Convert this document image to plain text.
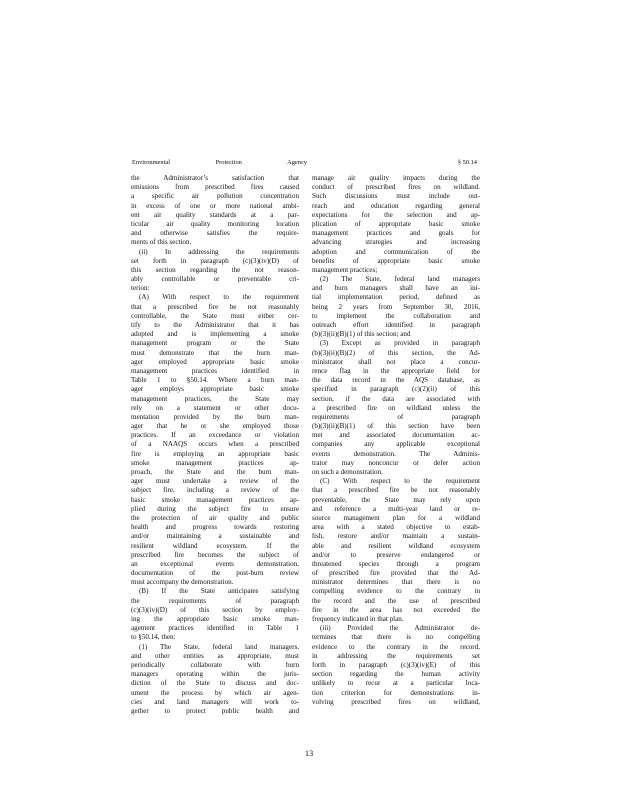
Environmental Protection Agency	§ 50.14

the Administrator’s satisfaction that

emissions from prescribed fires caused

a specific air pollution concentration

in excess of one or more national ambi-

ent air quality standards at a par-

ticular air quality monitoring location

and otherwise satisfies the require-

ments of this section.

(ii) In addressing the requirements

set forth in paragraph (c)(3)(iv)(D) of

this section regarding the not reason-

ably controllable or preventable cri-

terion:

(A) With respect to the requirement

that a prescribed fire be not reasonably

controllable, the State must either cer-

tify to the Administrator that it has

adopted and is implementing a smoke

management program or the State

must demonstrate that the burn man-

ager employed appropriate basic smoke

management practices identified in

Table 1 to §50.14. Where a burn man-

ager employs appropriate basic smoke

management practices, the State may

rely on a statement or other docu-

mentation provided by the burn man-

ager that he or she employed those

practices. If an exceedance or violation

of a NAAQS occurs when a prescribed

fire is employing an appropriate basic

smoke management practices ap-

proach, the State and the burn man-

ager must undertake a review of the

subject fire, including a review of the

basic smoke management practices ap-

plied during the subject fire to ensure

the protection of air quality and public

health and progress towards restoring

and/or maintaining a sustainable and

resilient wildland ecosystem. If the

prescribed fire becomes the subject of

an exceptional events demonstration,

documentation of the post-burn review

must accompany the demonstration.

(B) If the State anticipates satisfying

the requirements of paragraph

(c)(3)(iv)(D) of this section by employ-

ing the appropriate basic smoke man-

agement practices identified in Table 1

to §50.14, then:

(1) The State, federal land managers,

and other entities as appropriate, must

periodically collaborate with burn

managers operating within the juris-

diction of the State to discuss and doc-

ument the process by which air agen-

cies and land managers will work to-

gether to protect public health and

manage air quality impacts during the

conduct of prescribed fires on wildland.

Such discussions must include out-

reach and education regarding general

expectations for the selection and ap-

plication of appropriate basic smoke

management practices and goals for

advancing strategies and increasing

adoption and communication of the

benefits of appropriate basic smoke

management practices;

(2) The State, federal land managers

and burn managers shall have an ini-

tial implementation period, defined as

being 2 years from September 30, 2016,

to implement the collaboration and

outreach effort identified in paragraph

(b)(3)(ii)(B)(1) of this section; and

(3) Except as provided in paragraph

(b)(3)(ii)(B)(2) of this section, the Ad-

ministrator shall not place a concur-

rence flag in the appropriate field for

the data record in the AQS database, as

specified in paragraph (c)(2)(ii) of this

section, if the data are associated with

a prescribed fire on wildland unless the

requirements of paragraph

(b)(3)(ii)(B)(1) of this section have been

met and associated documentation ac-

companies any applicable exceptional

events demonstration. The Adminis-

trator may nonconcur or defer action

on such a demonstration.

(C) With respect to the requirement

that a prescribed fire be not reasonably

preventable, the State may rely upon

and reference a multi-year land or re-

source management plan for a wildland

area with a stated objective to estab-

lish, restore and/or maintain a sustain-

able and resilient wildland ecosystem

and/or to preserve endangered or

threatened species through a program

of prescribed fire provided that the Ad-

ministrator determines that there is no

compelling evidence to the contrary in

the record and the use of prescribed

fire in the area has not exceeded the

frequency indicated in that plan.

(iii) Provided the Administrator de-

termines that there is no compelling

evidence to the contrary in the record,

in addressing the requirements set

forth in paragraph (c)(3)(iv)(E) of this

section regarding the human activity

unlikely to recur at a particular loca-

tion criterion for demonstrations in-

volving prescribed fires on wildland,

13
